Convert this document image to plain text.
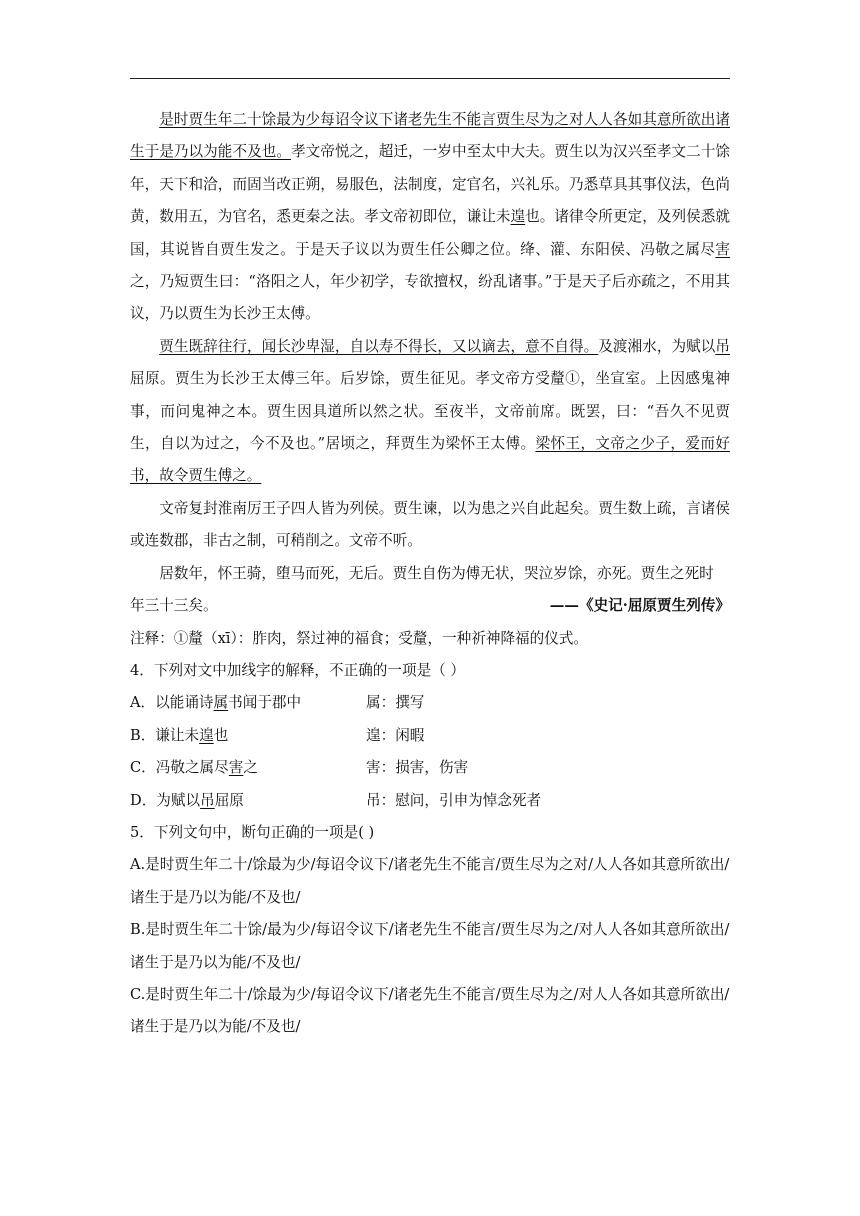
是时贾生年二十馀最为少每诏令议下诸老先生不能言贾生尽为之对人人各如其意所欲出诸生于是乃以为能不及也。孝文帝悦之，超迁，一岁中至太中大夫。贾生以为汉兴至孝文二十馀年，天下和洽，而固当改正朔，易服色，法制度，定官名，兴礼乐。乃悉草具其事仪法，色尚黄，数用五，为官名，悉更秦之法。孝文帝初即位，谦让未遑也。诸律令所更定，及列侯悉就国，其说皆自贾生发之。于是天子议以为贾生任公卿之位。绛、灌、东阳侯、冯敬之属尽害之，乃短贾生曰：“洛阳之人，年少初学，专欲擅权，纷乱诸事。”于是天子后亦疏之，不用其议，乃以贾生为长沙王太傅。

贾生既辞往行，闻长沙卑湿，自以寿不得长，又以谪去，意不自得。及渡湘水，为赋以吊屈原。贾生为长沙王太傅三年。后岁馀，贾生征见。孝文帝方受釐①，坐宣室。上因感鬼神事，而问鬼神之本。贾生因具道所以然之状。至夜半，文帝前席。既罢，曰：“吾久不见贾生，自以为过之，今不及也。”居顷之，拜贾生为梁怀王太傅。梁怀王，文帝之少子，爱而好书，故令贾生傅之。

文帝复封淮南厉王子四人皆为列侯。贾生谏，以为患之兴自此起矣。贾生数上疏，言诸侯或连数郡，非古之制，可稍削之。文帝不听。

居数年，怀王骑，堕马而死，无后。贾生自伤为傅无状，哭泣岁馀，亦死。贾生之死时

年三十三矣。	——《史记·屈原贾生列传》

注释：①釐（xī）：胙肉，祭过神的福食；受釐，一种祈神降福的仪式。

4．下列对文中加线字的解释，不正确的一项是（ ）

A．以能诵诗属书闻于郡中	属：撰写
B．谦让未遑也	遑：闲暇
C．冯敬之属尽害之	害：损害，伤害
D．为赋以吊屈原	吊：慰问，引申为悼念死者

5．下列文句中，断句正确的一项是( )

A.是时贾生年二十/馀最为少/每诏令议下/诸老先生不能言/贾生尽为之对/人人各如其意所欲出/诸生于是乃以为能/不及也/

B.是时贾生年二十馀/最为少/每诏令议下/诸老先生不能言/贾生尽为之/对人人各如其意所欲出/诸生于是乃以为能/不及也/

C.是时贾生年二十/馀最为少/每诏令议下/诸老先生不能言/贾生尽为之/对人人各如其意所欲出/诸生于是乃以为能/不及也/
